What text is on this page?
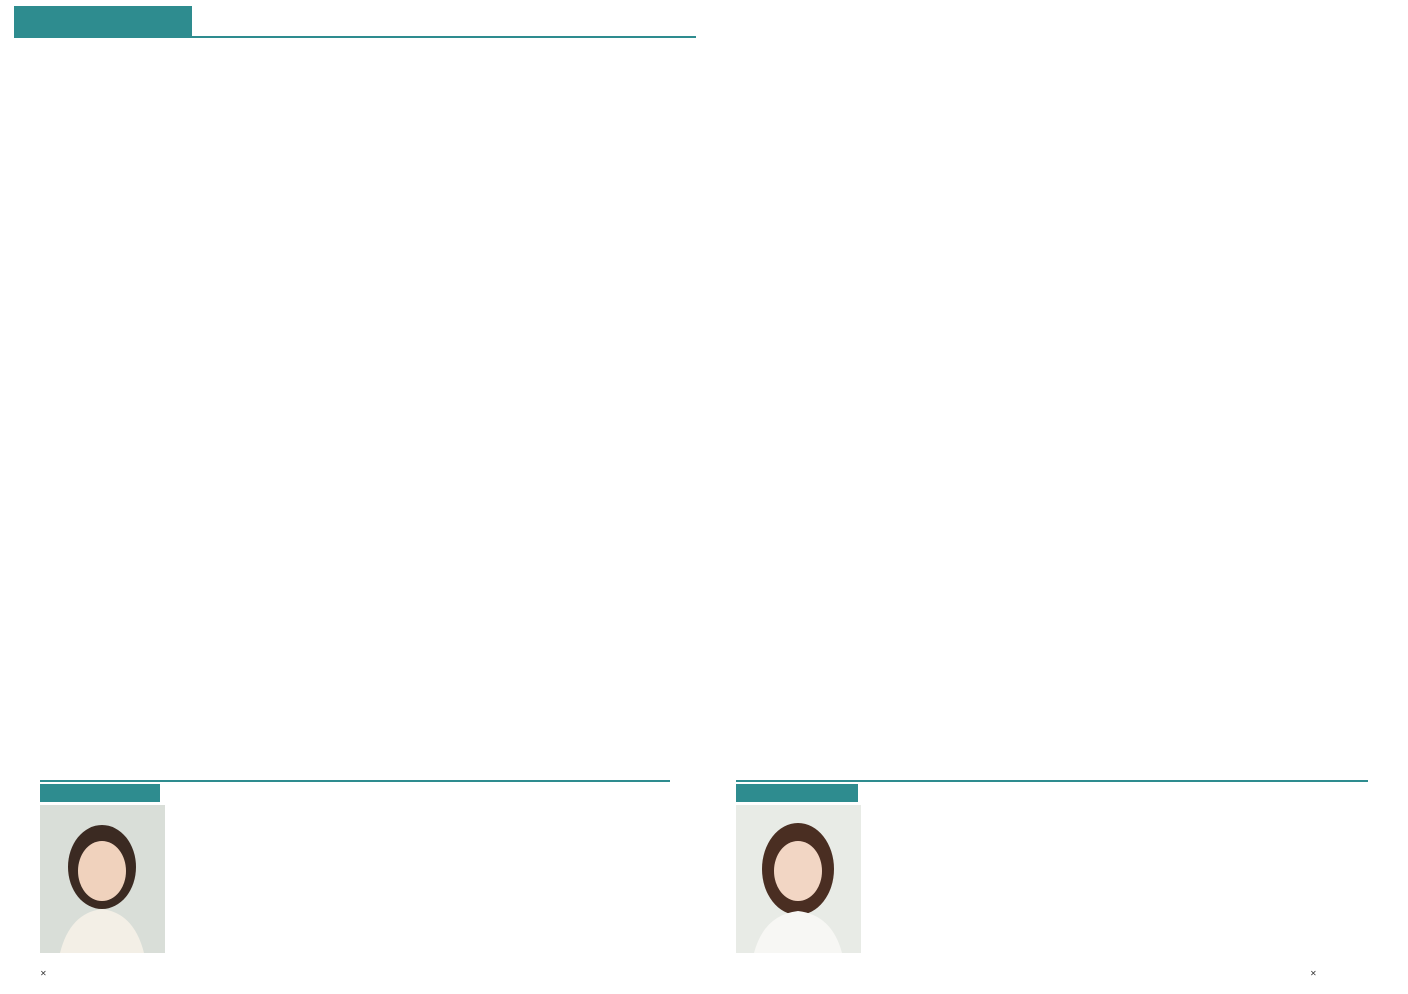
✕	✕
